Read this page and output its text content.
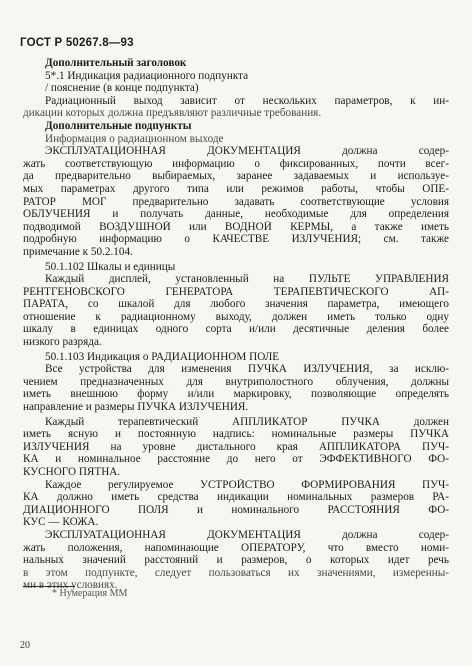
ГОСТ Р 50267.8—93
Дополнительный заголовок
5*.1 Индикация радиационного подпункта
/ пояснение (в конце подпункта)
Радиационный выход зависит от нескольких параметров, к ин-
дикации которых должна предъявляют различные требования.
Дополнительные подпункты
Информация о радиационном выходе
ЭКСПЛУАТАЦИОННАЯ ДОКУМЕНТАЦИЯ должна содер-
жать соответствующую информацию о фиксированных, почти всег-
да предварительно выбираемых, заранее задаваемых и используе-
мых параметрах другого типа или режимов работы, чтобы ОПЕ-
РАТОР МОГ предварительно задавать соответствующие условия
ОБЛУЧЕНИЯ и получать данные, необходимые для определения
подводимой ВОЗДУШНОЙ или ВОДНОЙ КЕРМЫ, а также иметь
подробную информацию о КАЧЕСТВЕ ИЗЛУЧЕНИЯ; см. также
примечание к 50.2.104.
50.1.102 Шкалы и единицы
Каждый дисплей, установленный на ПУЛЬТЕ УПРАВЛЕНИЯ
РЕНТГЕНОВСКОГО ГЕНЕРАТОРА ТЕРАПЕВТИЧЕСКОГО АП-
ПАРАТА, со шкалой для любого значения параметра, имеющего
отношение к радиационному выходу, должен иметь только одну
шкалу в единицах одного сорта и/или десятичные деления более
низкого разряда.
50.1.103 Индикация о РАДИАЦИОННОМ ПОЛЕ
Все устройства для изменения ПУЧКА ИЗЛУЧЕНИЯ, за исклю-
чением предназначенных для внутриполостного облучения, должны
иметь внешнюю форму и/или маркировку, позволяющие определять
направление и размеры ПУЧКА ИЗЛУЧЕНИЯ.
Каждый терапевтический АППЛИКАТОР ПУЧКА должен
иметь ясную и постоянную надпись: номинальные размеры ПУЧКА
ИЗЛУЧЕНИЯ на уровне дистального края АППЛИКАТОРА ПУЧ-
КА и номинальное расстояние до него от ЭФФЕКТИВНОГО ФО-
КУСНОГО ПЯТНА.
Каждое регулируемое УСТРОЙСТВО ФОРМИРОВАНИЯ ПУЧ-
КА должно иметь средства индикации номинальных размеров РА-
ДИАЦИОННОГО ПОЛЯ и номинального РАССТОЯНИЯ ФО-
КУС — КОЖА.
ЭКСПЛУАТАЦИОННАЯ ДОКУМЕНТАЦИЯ должна содер-
жать положения, напоминающие ОПЕРАТОРУ, что вместо номи-
нальных значений расстояний и размеров, о которых идет речь
в этом подпункте, следует пользоваться их значениями, измеренны-
ми в этих условиях.
* Нумерация ММ
20
